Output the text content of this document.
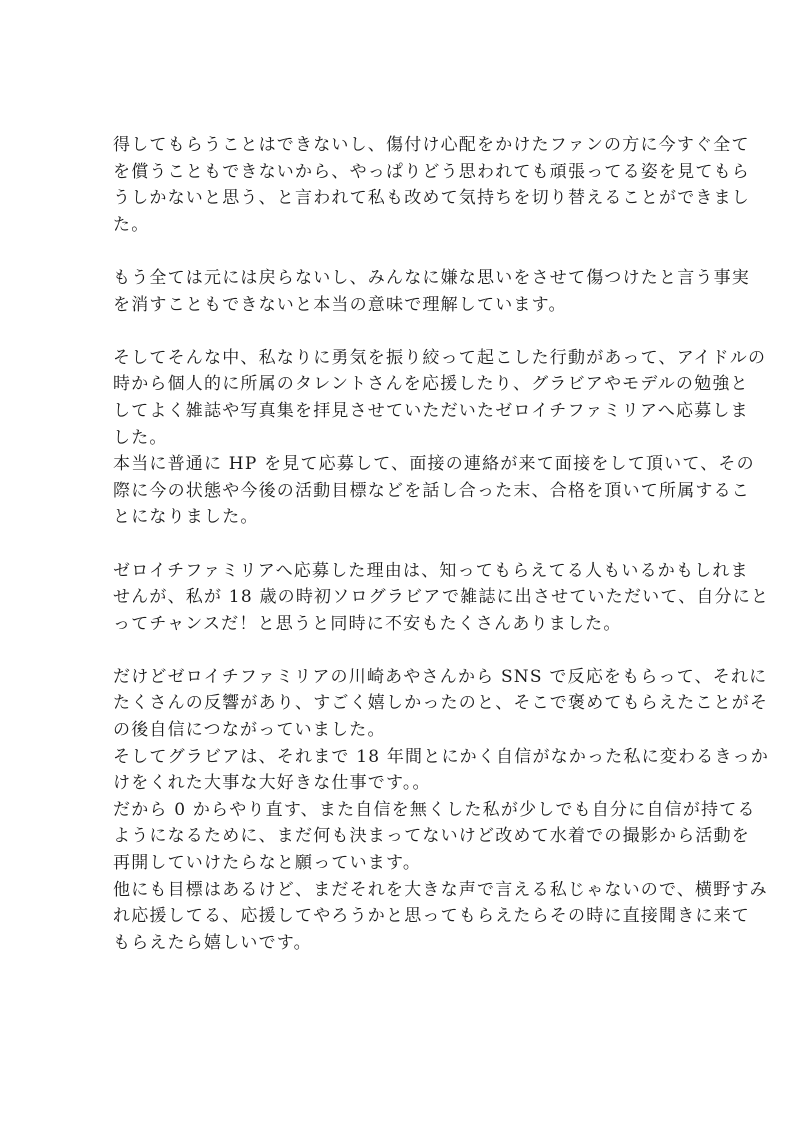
得してもらうことはできないし、傷付け心配をかけたファンの方に今すぐ全て
を償うこともできないから、やっぱりどう思われても頑張ってる姿を見てもら
うしかないと思う、と言われて私も改めて気持ちを切り替えることができまし
た。

もう全ては元には戻らないし、みんなに嫌な思いをさせて傷つけたと言う事実
を消すこともできないと本当の意味で理解しています。

そしてそんな中、私なりに勇気を振り絞って起こした行動があって、アイドルの
時から個人的に所属のタレントさんを応援したり、グラビアやモデルの勉強と
してよく雑誌や写真集を拝見させていただいたゼロイチファミリアへ応募しま
した。
本当に普通に HP を見て応募して、面接の連絡が来て面接をして頂いて、その
際に今の状態や今後の活動目標などを話し合った末、合格を頂いて所属するこ
とになりました。

ゼロイチファミリアへ応募した理由は、知ってもらえてる人もいるかもしれま
せんが、私が 18 歳の時初ソログラビアで雑誌に出させていただいて、自分にと
ってチャンスだ！と思うと同時に不安もたくさんありました。

だけどゼロイチファミリアの川崎あやさんから SNS で反応をもらって、それに
たくさんの反響があり、すごく嬉しかったのと、そこで褒めてもらえたことがそ
の後自信につながっていました。
そしてグラビアは、それまで 18 年間とにかく自信がなかった私に変わるきっか
けをくれた大事な大好きな仕事です。。
だから 0 からやり直す、また自信を無くした私が少しでも自分に自信が持てる
ようになるために、まだ何も決まってないけど改めて水着での撮影から活動を
再開していけたらなと願っています。
他にも目標はあるけど、まだそれを大きな声で言える私じゃないので、横野すみ
れ応援してる、応援してやろうかと思ってもらえたらその時に直接聞きに来て
もらえたら嬉しいです。
